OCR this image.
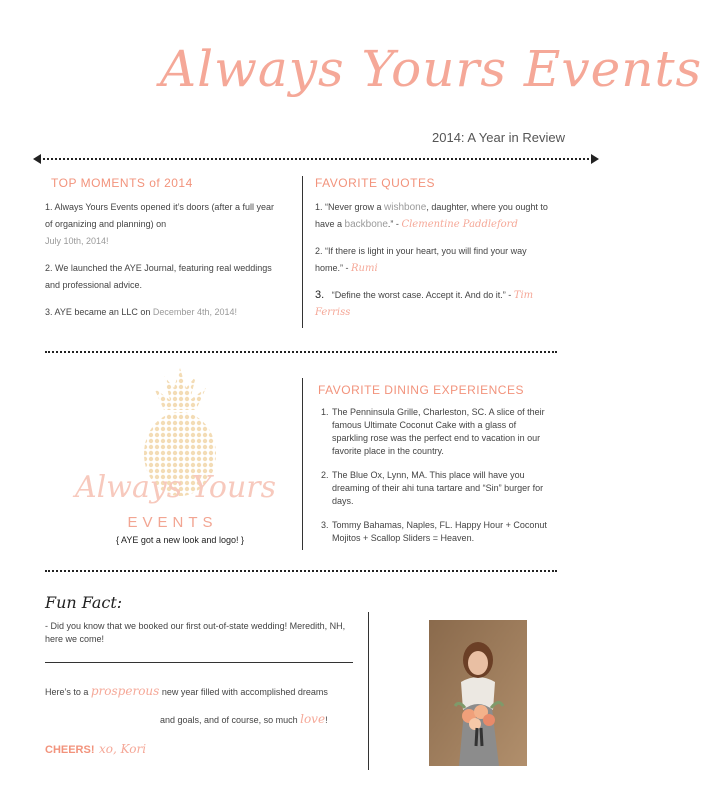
Always Yours Events
2014: A Year in Review
TOP MOMENTS of 2014

1. Always Yours Events opened it’s doors (after a full year of organizing and planning) on
July 10th, 2014!

2. We launched the AYE Journal, featuring real weddings and professional advice.

3. AYE became an LLC on December 4th, 2014!

FAVORITE QUOTES

1. “Never grow a wishbone, daughter, where you ought to have a backbone.” - Clementine Paddleford

2. “If there is light in your heart, you will find your way home.” - Rumi

3. “Define the worst case. Accept it. And do it.” - Tim Ferriss

Always Yours
EVENTS
{ AYE got a new look and logo! }
FAVORITE DINING EXPERIENCES
1. The Penninsula Grille, Charleston, SC. A slice of their famous Ultimate Coconut Cake with a glass of sparkling rose was the perfect end to vacation in our favorite place in the country.
2. The Blue Ox, Lynn, MA. This place will have you dreaming of their ahi tuna tartare and “Sin” burger for days.
3. Tommy Bahamas, Naples, FL. Happy Hour + Coconut Mojitos + Scallop Sliders = Heaven.
Fun Fact:
- Did you know that we booked our first out-of-state wedding! Meredith, NH, here we come!
Here’s to a prosperous new year filled with accomplished dreams
and goals, and of course, so much love!
CHEERS! xo, Kori
